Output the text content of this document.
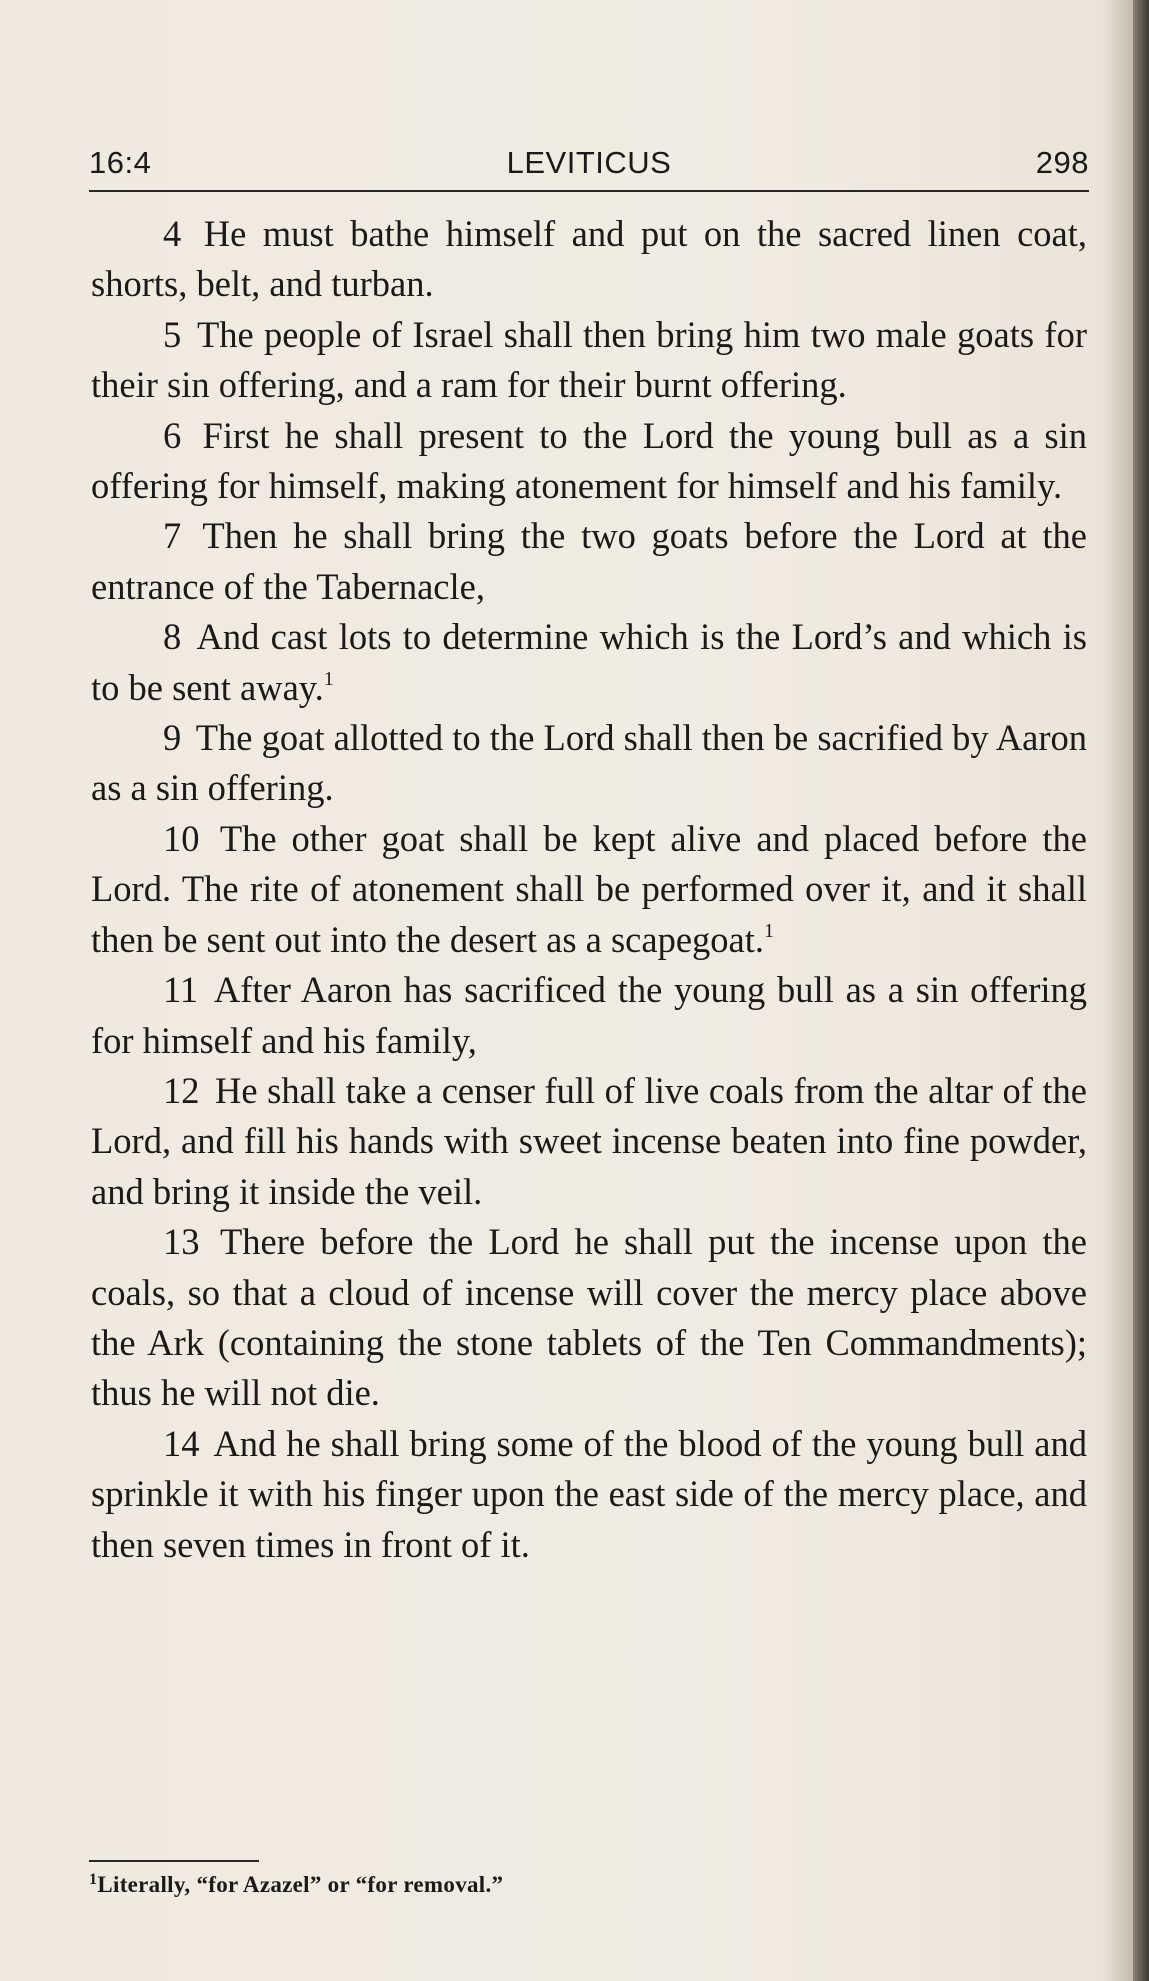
16:4	LEVITICUS	298

4 He must bathe himself and put on the sacred linen coat, shorts, belt, and turban.

5 The people of Israel shall then bring him two male goats for their sin offering, and a ram for their burnt offering.

6 First he shall present to the Lord the young bull as a sin offering for himself, making atonement for himself and his family.

7 Then he shall bring the two goats before the Lord at the entrance of the Tabernacle,

8 And cast lots to determine which is the Lord’s and which is to be sent away.$^1$

9 The goat allotted to the Lord shall then be sacrified by Aaron as a sin offering.

10 The other goat shall be kept alive and placed before the Lord. The rite of atonement shall be performed over it, and it shall then be sent out into the desert as a scapegoat.$^1$

11 After Aaron has sacrificed the young bull as a sin offering for himself and his family,

12 He shall take a censer full of live coals from the altar of the Lord, and fill his hands with sweet incense beaten into fine powder, and bring it inside the veil.

13 There before the Lord he shall put the incense upon the coals, so that a cloud of incense will cover the mercy place above the Ark (containing the stone tablets of the Ten Commandments); thus he will not die.

14 And he shall bring some of the blood of the young bull and sprinkle it with his finger upon the east side of the mercy place, and then seven times in front of it.

$^1$Literally, “for Azazel” or “for removal.”
